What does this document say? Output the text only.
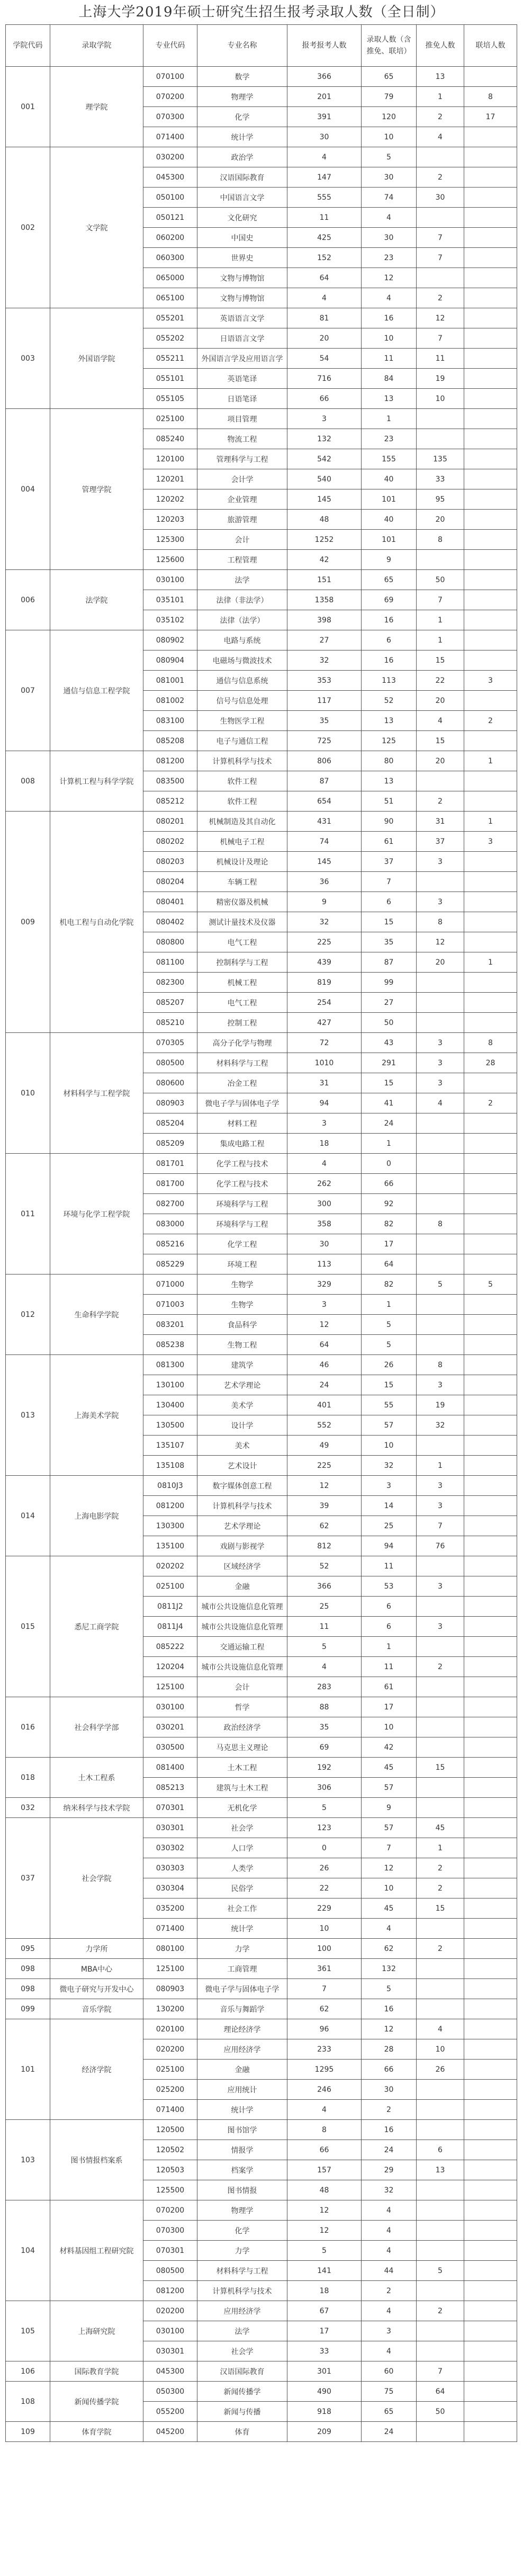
上海大学2019年硕士研究生招生报考录取人数（全日制）
学院代码	录取学院	专业代码	专业名称	报考报考人数	录取人数（含推免、联培）	推免人数	联培人数
001	理学院	070100	数学	366	65	13	
		070200	物理学	201	79	1	8
		070300	化学	391	120	2	17
		071400	统计学	30	10	4	
002	文学院	030200	政治学	4	5		
		045300	汉语国际教育	147	30	2	
		050100	中国语言文学	555	74	30	
		050121	文化研究	11	4		
		060200	中国史	425	30	7	
		060300	世界史	152	23	7	
		065000	文物与博物馆	64	12		
		065100	文物与博物馆	4	4	2	
003	外国语学院	055201	英语语言文学	81	16	12	
		055202	日语语言文学	20	10	7	
		055211	外国语言学及应用语言学	54	11	11	
		055101	英语笔译	716	84	19	
		055105	日语笔译	66	13	10	
004	管理学院	025100	项目管理	3	1		
		085240	物流工程	132	23		
		120100	管理科学与工程	542	155	135	
		120201	会计学	540	40	33	
		120202	企业管理	145	101	95	
		120203	旅游管理	48	40	20	
		125300	会计	1252	101	8	
		125600	工程管理	42	9		
006	法学院	030100	法学	151	65	50	
		035101	法律（非法学）	1358	69	7	
		035102	法律（法学）	398	16	1	
007	通信与信息工程学院	080902	电路与系统	27	6	1	
		080904	电磁场与微波技术	32	16	15	
		081001	通信与信息系统	353	113	22	3
		081002	信号与信息处理	117	52	20	
		083100	生物医学工程	35	13	4	2
		085208	电子与通信工程	725	125	15	
008	计算机工程与科学学院	081200	计算机科学与技术	806	80	20	1
		083500	软件工程	87	13		
		085212	软件工程	654	51	2	
009	机电工程与自动化学院	080201	机械制造及其自动化	431	90	31	1
		080202	机械电子工程	74	61	37	3
		080203	机械设计及理论	145	37	3	
		080204	车辆工程	36	7		
		080401	精密仪器及机械	9	6	3	
		080402	测试计量技术及仪器	32	15	8	
		080800	电气工程	225	35	12	
		081100	控制科学与工程	439	87	20	1
		082300	机械工程	819	99		
		085207	电气工程	254	27		
		085210	控制工程	427	50		
010	材料科学与工程学院	070305	高分子化学与物理	72	43	3	8
		080500	材料科学与工程	1010	291	3	28
		080600	冶金工程	31	15	3	
		080903	微电子学与固体电子学	94	41	4	2
		085204	材料工程	3	24		
		085209	集成电路工程	18	1		
011	环境与化学工程学院	081701	化学工程与技术	4	0		
		081700	化学工程与技术	262	66		
		082700	环境科学与工程	300	92		
		083000	环境科学与工程	358	82	8	
		085216	化学工程	30	17		
		085229	环境工程	113	64		
012	生命科学学院	071000	生物学	329	82	5	5
		071003	生物学	3	1		
		083201	食品科学	12	5		
		085238	生物工程	64	5		
013	上海美术学院	081300	建筑学	46	26	8	
		130100	艺术学理论	24	15	3	
		130400	美术学	401	55	19	
		130500	设计学	552	57	32	
		135107	美术	49	10		
		135108	艺术设计	225	32	1	
014	上海电影学院	0810J3	数字媒体创意工程	12	3	3	
		081200	计算机科学与技术	39	14	3	
		130300	艺术学理论	62	25	7	
		135100	戏剧与影视学	812	94	76	
015	悉尼工商学院	020202	区域经济学	52	11		
		025100	金融	366	53	3	
		0811J2	城市公共设施信息化管理	25	6		
		0811J4	城市公共设施信息化管理	11	6	3	
		085222	交通运输工程	5	1		
		120204	城市公共设施信息化管理	4	11	2	
		125100	会计	283	61		
016	社会科学学部	030100	哲学	88	17		
		030201	政治经济学	35	10		
		030500	马克思主义理论	69	42		
018	土木工程系	081400	土木工程	192	45	15	
		085213	建筑与土木工程	306	57		
032	纳米科学与技术学院	070301	无机化学	5	9		
037	社会学院	030301	社会学	123	57	45	
		030302	人口学	0	7	1	
		030303	人类学	26	12	2	
		030304	民俗学	22	10	2	
		035200	社会工作	229	45	15	
		071400	统计学	10	4		
095	力学所	080100	力学	100	62	2	
098	MBA中心	125100	工商管理	361	132		
098	微电子研究与开发中心	080903	微电子学与固体电子学	7	5		
099	音乐学院	130200	音乐与舞蹈学	62	16		
101	经济学院	020100	理论经济学	96	12	4	
		020200	应用经济学	233	28	10	
		025100	金融	1295	66	26	
		025200	应用统计	246	30		
		071400	统计学	4	2		
103	图书情报档案系	120500	图书馆学	8	16		
		120502	情报学	66	24	6	
		120503	档案学	157	29	13	
		125500	图书情报	48	32		
104	材料基因组工程研究院	070200	物理学	12	4		
		070300	化学	12	4		
		070301	力学	5	4		
		080500	材料科学与工程	141	44	5	
		081200	计算机科学与技术	18	2		
105	上海研究院	020200	应用经济学	67	4	2	
		030100	法学	17	3		
		030301	社会学	33	4		
106	国际教育学院	045300	汉语国际教育	301	60	7	
108	新闻传播学院	050300	新闻传播学	490	75	64	
		055200	新闻与传播	918	65	50	
109	体育学院	045200	体育	209	24		
